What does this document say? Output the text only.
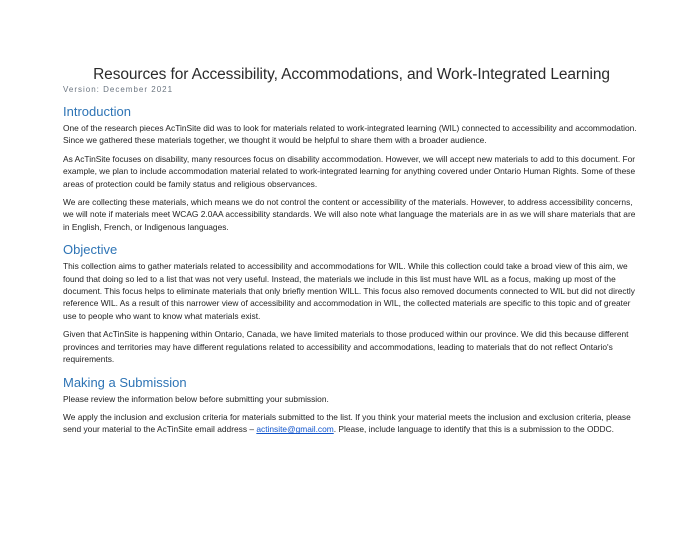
Resources for Accessibility, Accommodations, and Work-Integrated Learning

Version: December 2021

Introduction

One of the research pieces AcTinSite did was to look for materials related to work-integrated learning (WIL) connected to accessibility and accommodation. Since we gathered these materials together, we thought it would be helpful to share them with a broader audience.

As AcTinSite focuses on disability, many resources focus on disability accommodation. However, we will accept new materials to add to this document. For example, we plan to include accommodation material related to work-integrated learning for anything covered under Ontario Human Rights. Some of these areas of protection could be family status and religious observances.

We are collecting these materials, which means we do not control the content or accessibility of the materials. However, to address accessibility concerns, we will note if materials meet WCAG 2.0AA accessibility standards. We will also note what language the materials are in as we will share materials that are in English, French, or Indigenous languages.

Objective

This collection aims to gather materials related to accessibility and accommodations for WIL. While this collection could take a broad view of this aim, we found that doing so led to a list that was not very useful. Instead, the materials we include in this list must have WIL as a focus, making up most of the document. This focus helps to eliminate materials that only briefly mention WILL. This focus also removed documents connected to WIL but did not directly reference WIL. As a result of this narrower view of accessibility and accommodation in WIL, the collected materials are specific to this topic and of greater use to people who want to know what materials exist.

Given that AcTinSite is happening within Ontario, Canada, we have limited materials to those produced within our province. We did this because different provinces and territories may have different regulations related to accessibility and accommodations, leading to materials that do not reflect Ontario's requirements.

Making a Submission

Please review the information below before submitting your submission.

We apply the inclusion and exclusion criteria for materials submitted to the list. If you think your material meets the inclusion and exclusion criteria, please send your material to the AcTinSite email address – actinsite@gmail.com. Please, include language to identify that this is a submission to the ODDC.
